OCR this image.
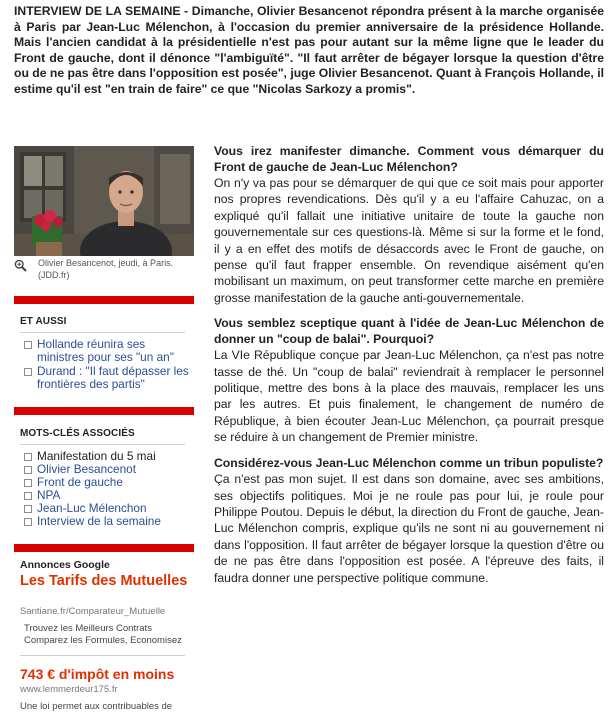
INTERVIEW DE LA SEMAINE - Dimanche, Olivier Besancenot répondra présent à la marche organisée à Paris par Jean-Luc Mélenchon, à l'occasion du premier anniversaire de la présidence Hollande. Mais l'ancien candidat à la présidentielle n'est pas pour autant sur la même ligne que le leader du Front de gauche, dont il dénonce "l'ambiguïté". "Il faut arrêter de bégayer lorsque la question d'être ou de ne pas être dans l'opposition est posée", juge Olivier Besancenot. Quant à François Hollande, il estime qu'il est "en train de faire" ce que "Nicolas Sarkozy a promis".
Olivier Besancenot, jeudi, à Paris. (JDD.fr)
ET AUSSI
Hollande réunira ses ministres pour ses "un an"
Durand : "Il faut dépasser les frontières des partis"
MOTS-CLÉS ASSOCIÉS
Manifestation du 5 mai
Olivier Besancenot
Front de gauche
NPA
Jean-Luc Mélenchon
Interview de la semaine
Annonces Google
Les Tarifs des Mutuelles
Santiane.fr/Comparateur_Mutuelle
Trouvez les Meilleurs Contrats
Comparez les Formules, Economisez
743 € d'impôt en moins
www.lemmerdeur175.fr
Une loi permet aux contribuables de
Vous irez manifester dimanche. Comment vous démarquer du Front de gauche de Jean-Luc Mélenchon?
On n'y va pas pour se démarquer de qui que ce soit mais pour apporter nos propres revendications. Dès qu'il y a eu l'affaire Cahuzac, on a expliqué qu'il fallait une initiative unitaire de toute la gauche non gouvernementale sur ces questions-là. Même si sur la forme et le fond, il y a en effet des motifs de désaccords avec le Front de gauche, on pense qu'il faut frapper ensemble. On revendique aisément qu'en mobilisant un maximum, on peut transformer cette marche en première grosse manifestation de la gauche anti-gouvernementale.
Vous semblez sceptique quant à l'idée de Jean-Luc Mélenchon de donner un "coup de balai". Pourquoi?
La VIe République conçue par Jean-Luc Mélenchon, ça n'est pas notre tasse de thé. Un "coup de balai" reviendrait à remplacer le personnel politique, mettre des bons à la place des mauvais, remplacer les uns par les autres. Et puis finalement, le changement de numéro de République, à bien écouter Jean-Luc Mélenchon, ça pourrait presque se réduire à un changement de Premier ministre.
Considérez-vous Jean-Luc Mélenchon comme un tribun populiste?
Ça n'est pas mon sujet. Il est dans son domaine, avec ses ambitions, ses objectifs politiques. Moi je ne roule pas pour lui, je roule pour Philippe Poutou. Depuis le début, la direction du Front de gauche, Jean-Luc Mélenchon compris, explique qu'ils ne sont ni au gouvernement ni dans l'opposition. Il faut arrêter de bégayer lorsque la question d'être ou de ne pas être dans l'opposition est posée. A l'épreuve des faits, il faudra donner une perspective politique commune.
